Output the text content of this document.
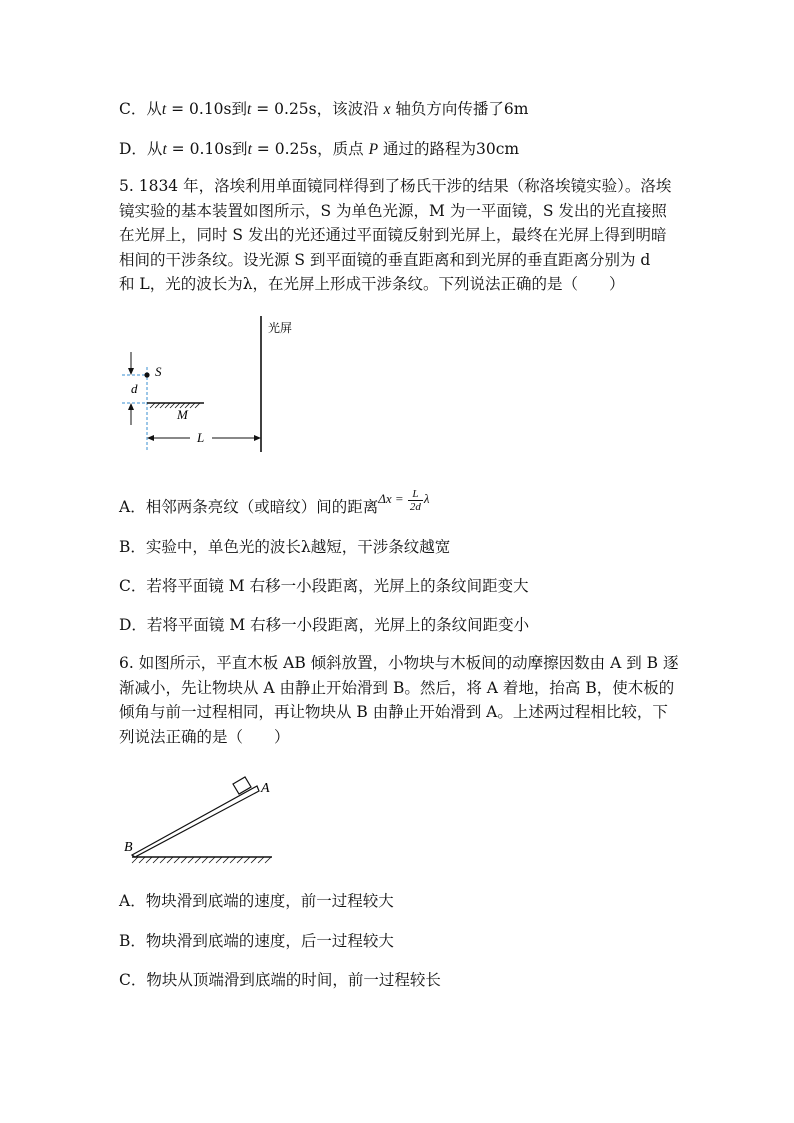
C．从t = 0.10s到t = 0.25s，该波沿 x 轴负方向传播了6m
D．从t = 0.10s到t = 0.25s，质点 P 通过的路程为30cm
5. 1834 年，洛埃利用单面镜同样得到了杨氏干涉的结果（称洛埃镜实验）。洛埃
镜实验的基本装置如图所示，S 为单色光源，M 为一平面镜，S 发出的光直接照
在光屏上，同时 S 发出的光还通过平面镜反射到光屏上，最终在光屏上得到明暗
相间的干涉条纹。设光源 S 到平面镜的垂直距离和到光屏的垂直距离分别为 d
和 L，光的波长为λ，在光屏上形成干涉条纹。下列说法正确的是（　　）
光屏
S
d
M
L
A．相邻两条亮纹（或暗纹）间的距离$^{\Delta x = \frac{L}{2d} \lambda}$
B．实验中，单色光的波长λ越短，干涉条纹越宽
C．若将平面镜 M 右移一小段距离，光屏上的条纹间距变大
D．若将平面镜 M 右移一小段距离，光屏上的条纹间距变小
6. 如图所示，平直木板 AB 倾斜放置，小物块与木板间的动摩擦因数由 A 到 B 逐
渐减小，先让物块从 A 由静止开始滑到 B。然后，将 A 着地，抬高 B，使木板的
倾角与前一过程相同，再让物块从 B 由静止开始滑到 A。上述两过程相比较，下
列说法正确的是（　　）
A
B
A．物块滑到底端的速度，前一过程较大
B．物块滑到底端的速度，后一过程较大
C．物块从顶端滑到底端的时间，前一过程较长
